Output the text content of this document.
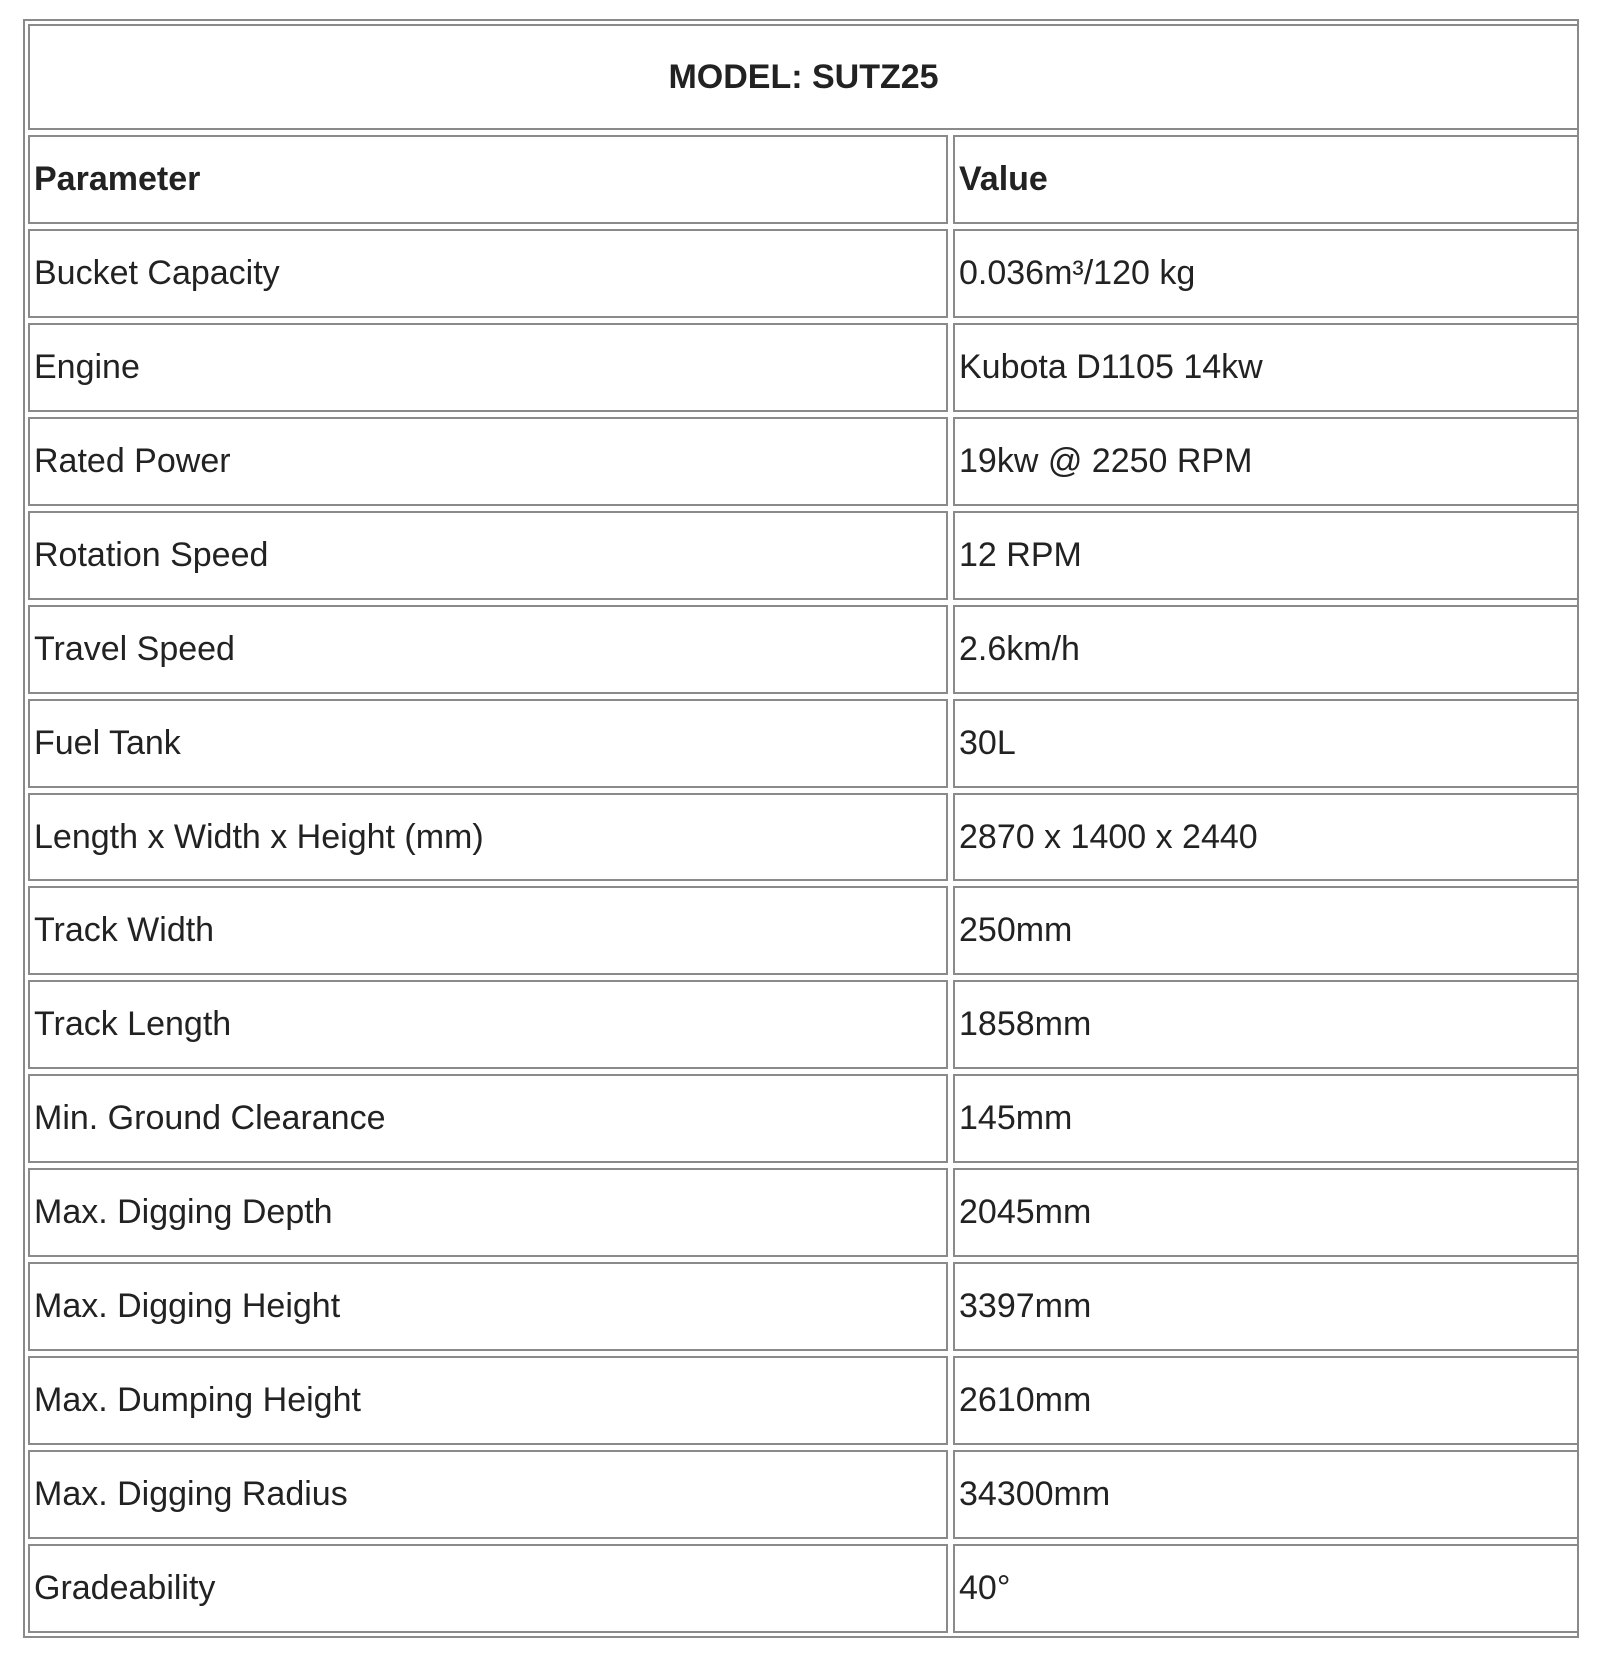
MODEL: SUTZ25	
Parameter	Value
Bucket Capacity	0.036m³/120 kg
Engine	Kubota D1105 14kw
Rated Power	19kw @ 2250 RPM
Rotation Speed	12 RPM
Travel Speed	2.6km/h
Fuel Tank	30L
Length x Width x Height (mm)	2870 x 1400 x 2440
Track Width	250mm
Track Length	1858mm
Min. Ground Clearance	145mm
Max. Digging Depth	2045mm
Max. Digging Height	3397mm
Max. Dumping Height	2610mm
Max. Digging Radius	34300mm
Gradeability	40°
